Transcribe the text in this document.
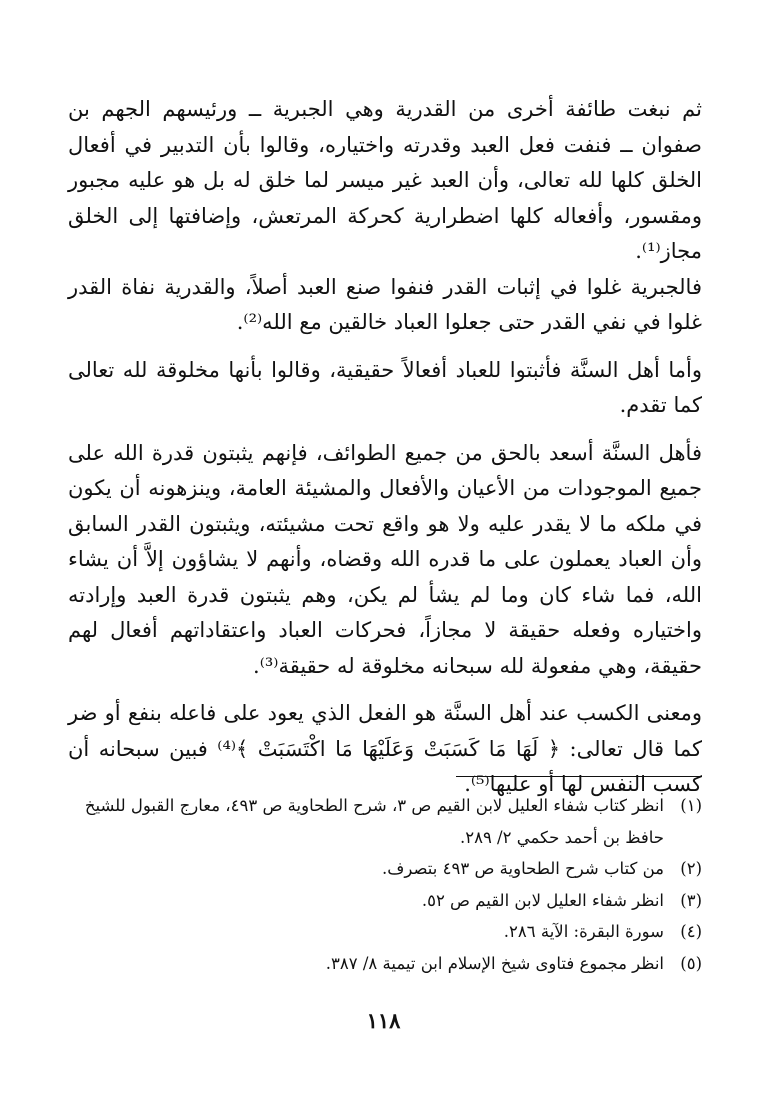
ثم نبغت طائفة أخرى من القدرية وهي الجبرية ــ ورئيسهم الجهم بن صفوان ــ فنفت فعل العبد وقدرته واختياره، وقالوا بأن التدبير في أفعال الخلق كلها لله تعالى، وأن العبد غير ميسر لما خلق له بل هو عليه مجبور ومقسور، وأفعاله كلها اضطرارية كحركة المرتعش، وإضافتها إلى الخلق مجاز⁽¹⁾.

فالجبرية غلوا في إثبات القدر فنفوا صنع العبد أصلاً، والقدرية نفاة القدر غلوا في نفي القدر حتى جعلوا العباد خالقين مع الله⁽²⁾.

وأما أهل السنَّة فأثبتوا للعباد أفعالاً حقيقية، وقالوا بأنها مخلوقة لله تعالى كما تقدم.

فأهل السنَّة أسعد بالحق من جميع الطوائف، فإنهم يثبتون قدرة الله على جميع الموجودات من الأعيان والأفعال والمشيئة العامة، وينزهونه أن يكون في ملكه ما لا يقدر عليه ولا هو واقع تحت مشيئته، ويثبتون القدر السابق وأن العباد يعملون على ما قدره الله وقضاه، وأنهم لا يشاؤون إلاَّ أن يشاء الله، فما شاء كان وما لم يشأ لم يكن، وهم يثبتون قدرة العبد وإرادته واختياره وفعله حقيقة لا مجازاً، فحركات العباد واعتقاداتهم أفعال لهم حقيقة، وهي مفعولة لله سبحانه مخلوقة له حقيقة⁽³⁾.

ومعنى الكسب عند أهل السنَّة هو الفعل الذي يعود على فاعله بنفع أو ضر كما قال تعالى: ﴿ لَهَا مَا كَسَبَتْ وَعَلَيْهَا مَا اكْتَسَبَتْ ﴾⁽⁴⁾ فبين سبحانه أن كسب النفس لها أو عليها⁽⁵⁾.

(١)
انظر كتاب شفاء العليل لابن القيم ص ٣، شرح الطحاوية ص ٤٩٣، معارج القبول للشيخ حافظ بن أحمد حكمي ٢/ ٢٨٩.
(٢)
من كتاب شرح الطحاوية ص ٤٩٣ بتصرف.
(٣)
انظر شفاء العليل لابن القيم ص ٥٢.
(٤)
سورة البقرة: الآية ٢٨٦.
(٥)
انظر مجموع فتاوى شيخ الإسلام ابن تيمية ٨/ ٣٨٧.
١١٨
